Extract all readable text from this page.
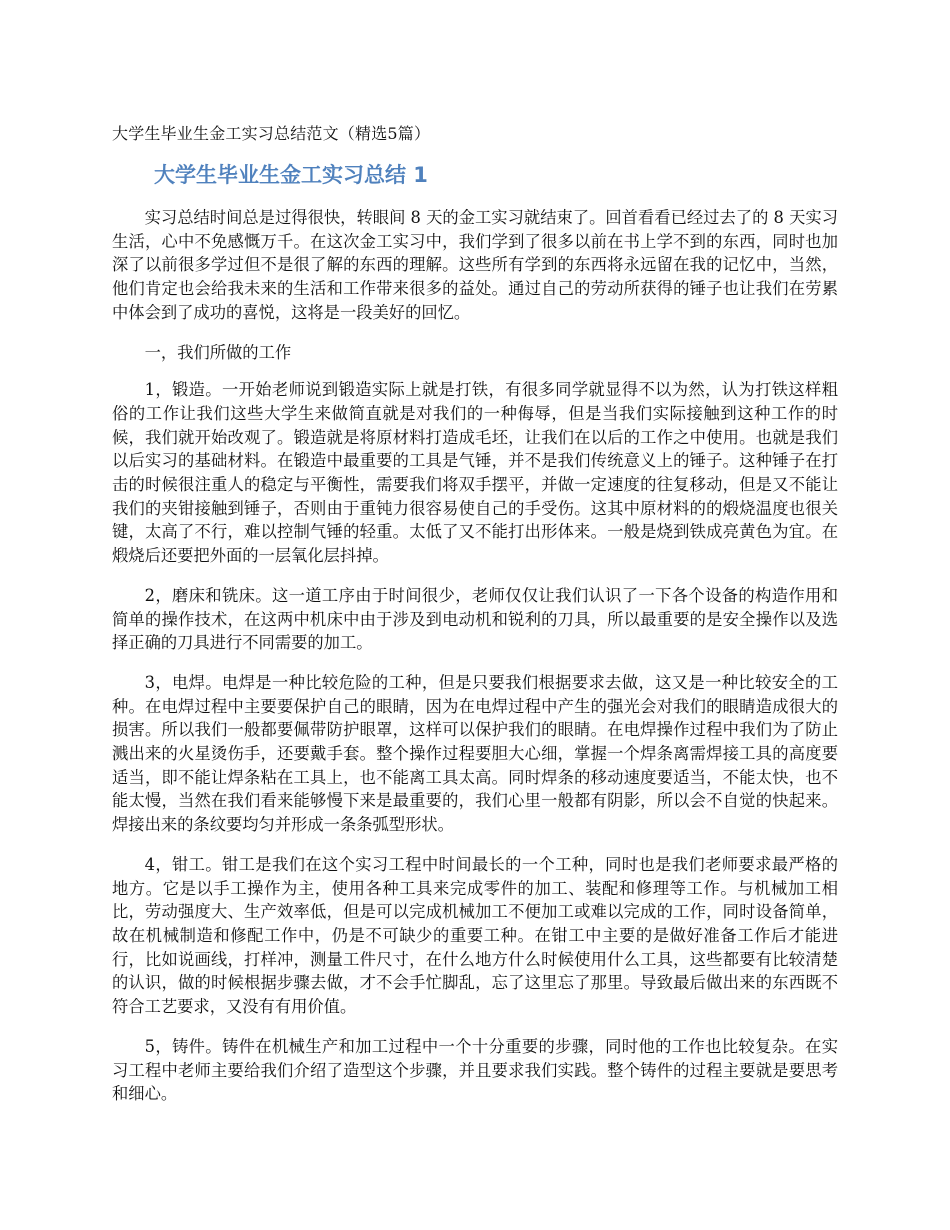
大学生毕业生金工实习总结范文（精选5篇）
大学生毕业生金工实习总结 1

实习总结时间总是过得很快，转眼间 8 天的金工实习就结束了。回首看看已经过去了的 8 天实习生活，心中不免感慨万千。在这次金工实习中，我们学到了很多以前在书上学不到的东西，同时也加深了以前很多学过但不是很了解的东西的理解。这些所有学到的东西将永远留在我的记忆中，当然，他们肯定也会给我未来的生活和工作带来很多的益处。通过自己的劳动所获得的锤子也让我们在劳累中体会到了成功的喜悦，这将是一段美好的回忆。

一，我们所做的工作

1，锻造。一开始老师说到锻造实际上就是打铁，有很多同学就显得不以为然，认为打铁这样粗俗的工作让我们这些大学生来做简直就是对我们的一种侮辱，但是当我们实际接触到这种工作的时候，我们就开始改观了。锻造就是将原材料打造成毛坯，让我们在以后的工作之中使用。也就是我们以后实习的基础材料。在锻造中最重要的工具是气锤，并不是我们传统意义上的锤子。这种锤子在打击的时候很注重人的稳定与平衡性，需要我们将双手摆平，并做一定速度的往复移动，但是又不能让我们的夹钳接触到锤子，否则由于重钝力很容易使自己的手受伤。这其中原材料的的煅烧温度也很关键，太高了不行，难以控制气锤的轻重。太低了又不能打出形体来。一般是烧到铁成亮黄色为宜。在煅烧后还要把外面的一层氧化层抖掉。

2，磨床和铣床。这一道工序由于时间很少，老师仅仅让我们认识了一下各个设备的构造作用和简单的操作技术，在这两中机床中由于涉及到电动机和锐利的刀具，所以最重要的是安全操作以及选择正确的刀具进行不同需要的加工。

3，电焊。电焊是一种比较危险的工种，但是只要我们根据要求去做，这又是一种比较安全的工种。在电焊过程中主要要保护自己的眼睛，因为在电焊过程中产生的强光会对我们的眼睛造成很大的损害。所以我们一般都要佩带防护眼罩，这样可以保护我们的眼睛。在电焊操作过程中我们为了防止溅出来的火星烫伤手，还要戴手套。整个操作过程要胆大心细，掌握一个焊条离需焊接工具的高度要适当，即不能让焊条粘在工具上，也不能离工具太高。同时焊条的移动速度要适当，不能太快，也不能太慢，当然在我们看来能够慢下来是最重要的，我们心里一般都有阴影，所以会不自觉的快起来。焊接出来的条纹要均匀并形成一条条弧型形状。

4，钳工。钳工是我们在这个实习工程中时间最长的一个工种，同时也是我们老师要求最严格的地方。它是以手工操作为主，使用各种工具来完成零件的加工、装配和修理等工作。与机械加工相比，劳动强度大、生产效率低，但是可以完成机械加工不便加工或难以完成的工作，同时设备简单，故在机械制造和修配工作中，仍是不可缺少的重要工种。在钳工中主要的是做好准备工作后才能进行，比如说画线，打样冲，测量工件尺寸，在什么地方什么时候使用什么工具，这些都要有比较清楚的认识，做的时候根据步骤去做，才不会手忙脚乱，忘了这里忘了那里。导致最后做出来的东西既不符合工艺要求，又没有有用价值。

5，铸件。铸件在机械生产和加工过程中一个十分重要的步骤，同时他的工作也比较复杂。在实习工程中老师主要给我们介绍了造型这个步骤，并且要求我们实践。整个铸件的过程主要就是要思考和细心。
